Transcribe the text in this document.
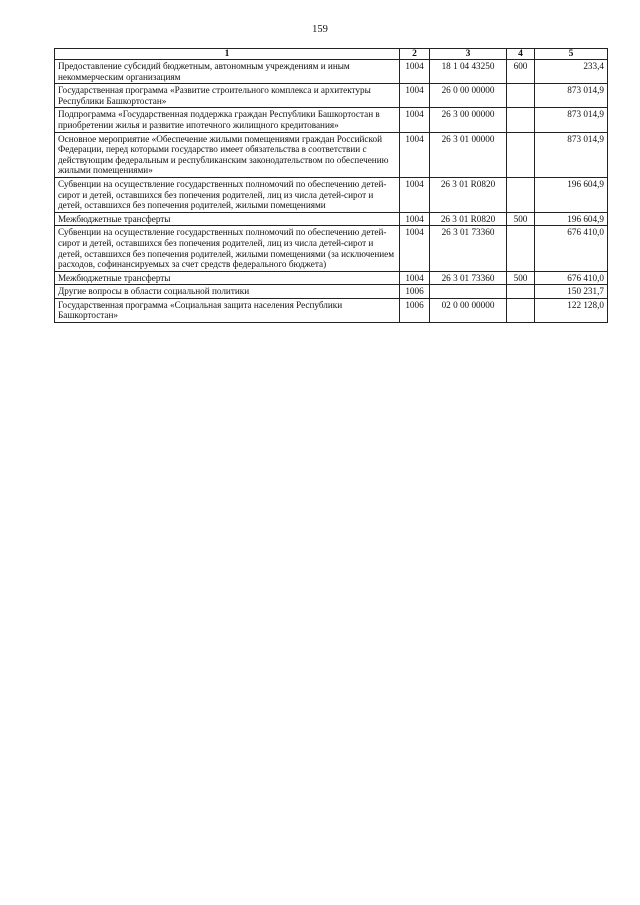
159
1	2	3	4	5
Предоставление субсидий бюджетным, автономным учреждениям и иным некоммерческим организациям	1004	18 1 04 43250	600	233,4
Государственная программа «Развитие строительного комплекса и архитектуры Республики Башкортостан»	1004	26 0 00 00000		873 014,9
Подпрограмма «Государственная поддержка граждан Республики Башкортостан в приобретении жилья и развитие ипотечного жилищного кредитования»	1004	26 3 00 00000		873 014,9
Основное мероприятие «Обеспечение жилыми помещениями граждан Российской Федерации, перед которыми государство имеет обязательства в соответствии с действующим федеральным и республиканским законодательством по обеспечению жилыми помещениями»	1004	26 3 01 00000		873 014,9
Субвенции на осуществление государственных полномочий по обеспечению детей-сирот и детей, оставшихся без попечения родителей, лиц из числа детей-сирот и детей, оставшихся без попечения родителей, жилыми помещениями	1004	26 3 01 R0820		196 604,9
Межбюджетные трансферты	1004	26 3 01 R0820	500	196 604,9
Субвенции на осуществление государственных полномочий по обеспечению детей-сирот и детей, оставшихся без попечения родителей, лиц из числа детей-сирот и детей, оставшихся без попечения родителей, жилыми помещениями (за исключением расходов, софинансируемых за счет средств федерального бюджета)	1004	26 3 01 73360		676 410,0
Межбюджетные трансферты	1004	26 3 01 73360	500	676 410,0
Другие вопросы в области социальной политики	1006			150 231,7
Государственная программа «Социальная защита населения Республики Башкортостан»	1006	02 0 00 00000		122 128,0
